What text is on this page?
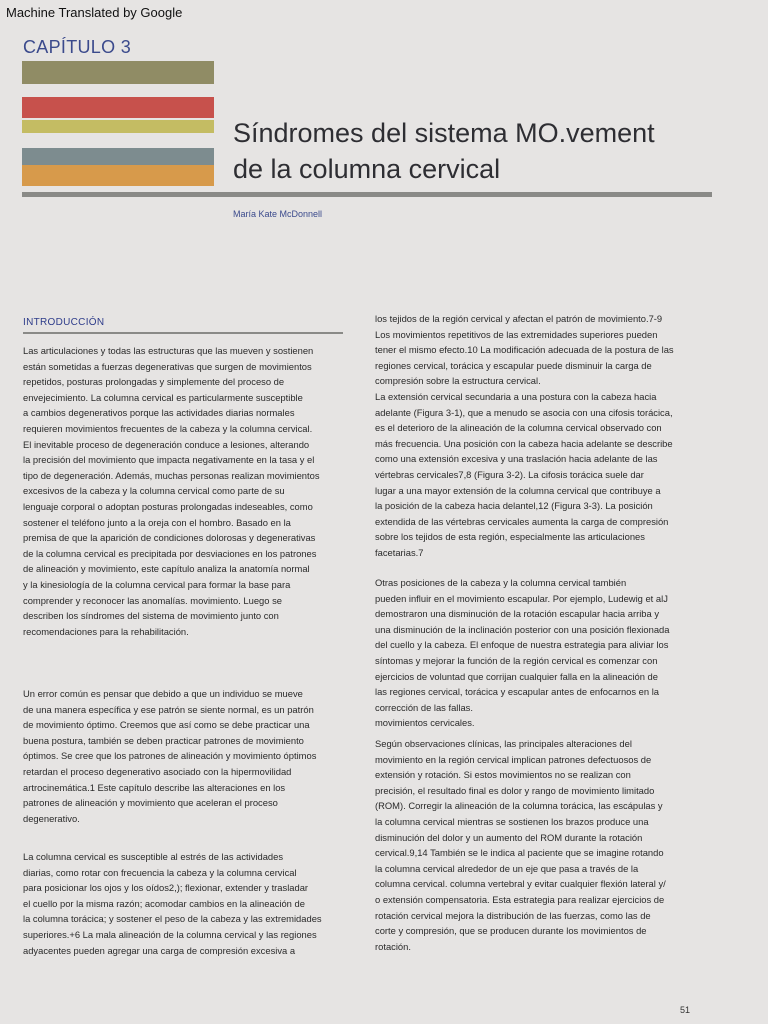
Machine Translated by Google
CAPÍTULO 3
Síndromes del sistema MO.vement
de la columna cervical
María Kate McDonnell
INTRODUCCIÓN

Las articulaciones y todas las estructuras que las mueven y sostienen
están sometidas a fuerzas degenerativas que surgen de movimientos
repetidos, posturas prolongadas y simplemente del proceso de
envejecimiento. La columna cervical es particularmente susceptible
a cambios degenerativos porque las actividades diarias normales
requieren movimientos frecuentes de la cabeza y la columna cervical.
El inevitable proceso de degeneración conduce a lesiones, alterando
la precisión del movimiento que impacta negativamente en la tasa y el
tipo de degeneración. Además, muchas personas realizan movimientos
excesivos de la cabeza y la columna cervical como parte de su
lenguaje corporal o adoptan posturas prolongadas indeseables, como
sostener el teléfono junto a la oreja con el hombro. Basado en la
premisa de que la aparición de condiciones dolorosas y degenerativas
de la columna cervical es precipitada por desviaciones en los patrones
de alineación y movimiento, este capítulo analiza la anatomía normal
y la kinesiología de la columna cervical para formar la base para
comprender y reconocer las anomalías. movimiento. Luego se
describen los síndromes del sistema de movimiento junto con
recomendaciones para la rehabilitación.

Un error común es pensar que debido a que un individuo se mueve
de una manera específica y ese patrón se siente normal, es un patrón
de movimiento óptimo. Creemos que así como se debe practicar una
buena postura, también se deben practicar patrones de movimiento
óptimos. Se cree que los patrones de alineación y movimiento óptimos
retardan el proceso degenerativo asociado con la hipermovilidad
artrocinemática.1 Este capítulo describe las alteraciones en los
patrones de alineación y movimiento que aceleran el proceso
degenerativo.

La columna cervical es susceptible al estrés de las actividades
diarias, como rotar con frecuencia la cabeza y la columna cervical
para posicionar los ojos y los oídos2,); flexionar, extender y trasladar
el cuello por la misma razón; acomodar cambios en la alineación de
la columna torácica; y sostener el peso de la cabeza y las extremidades
superiores.+6 La mala alineación de la columna cervical y las regiones
adyacentes pueden agregar una carga de compresión excesiva a

los tejidos de la región cervical y afectan el patrón de movimiento.7-9
Los movimientos repetitivos de las extremidades superiores pueden
tener el mismo efecto.10 La modificación adecuada de la postura de las
regiones cervical, torácica y escapular puede disminuir la carga de
compresión sobre la estructura cervical.

La extensión cervical secundaria a una postura con la cabeza hacia
adelante (Figura 3-1), que a menudo se asocia con una cifosis torácica,
es el deterioro de la alineación de la columna cervical observado con
más frecuencia. Una posición con la cabeza hacia adelante se describe
como una extensión excesiva y una traslación hacia adelante de las
vértebras cervicales7,8 (Figura 3-2). La cifosis torácica suele dar
lugar a una mayor extensión de la columna cervical que contribuye a
la posición de la cabeza hacia delantel,12 (Figura 3-3). La posición
extendida de las vértebras cervicales aumenta la carga de compresión
sobre los tejidos de esta región, especialmente las articulaciones
facetarias.7

Otras posiciones de la cabeza y la columna cervical también
pueden influir en el movimiento escapular. Por ejemplo, Ludewig et alJ
demostraron una disminución de la rotación escapular hacia arriba y
una disminución de la inclinación posterior con una posición flexionada
del cuello y la cabeza. El enfoque de nuestra estrategia para aliviar los
síntomas y mejorar la función de la región cervical es comenzar con
ejercicios de voluntad que corrijan cualquier falla en la alineación de
las regiones cervical, torácica y escapular antes de enfocarnos en la
corrección de las fallas.
movimientos cervicales.

Según observaciones clínicas, las principales alteraciones del
movimiento en la región cervical implican patrones defectuosos de
extensión y rotación. Si estos movimientos no se realizan con
precisión, el resultado final es dolor y rango de movimiento limitado
(ROM). Corregir la alineación de la columna torácica, las escápulas y
la columna cervical mientras se sostienen los brazos produce una
disminución del dolor y un aumento del ROM durante la rotación
cervical.9,14 También se le indica al paciente que se imagine rotando
la columna cervical alrededor de un eje que pasa a través de la
columna cervical. columna vertebral y evitar cualquier flexión lateral y/
o extensión compensatoria. Esta estrategia para realizar ejercicios de
rotación cervical mejora la distribución de las fuerzas, como las de
corte y compresión, que se producen durante los movimientos de
rotación.

51
